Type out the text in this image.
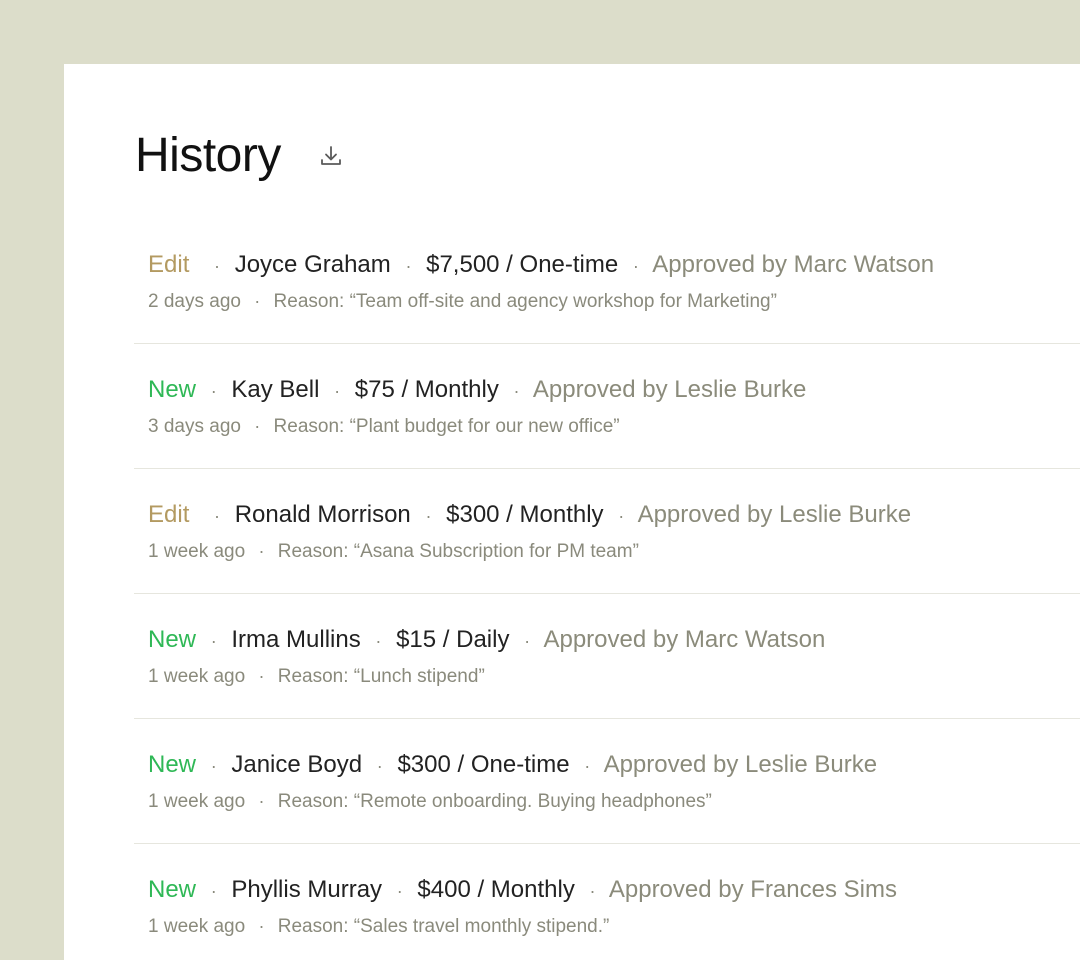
History
Edit · Joyce Graham · $7,500 / One-time · Approved by Marc Watson
2 days ago · Reason: “Team off-site and agency workshop for Marketing”
New · Kay Bell · $75 / Monthly · Approved by Leslie Burke
3 days ago · Reason: “Plant budget for our new office”
Edit · Ronald Morrison · $300 / Monthly · Approved by Leslie Burke
1 week ago · Reason: “Asana Subscription for PM team”
New · Irma Mullins · $15 / Daily · Approved by Marc Watson
1 week ago · Reason: “Lunch stipend”
New · Janice Boyd · $300 / One-time · Approved by Leslie Burke
1 week ago · Reason: “Remote onboarding. Buying headphones”
New · Phyllis Murray · $400 / Monthly · Approved by Frances Sims
1 week ago · Reason: “Sales travel monthly stipend.”
